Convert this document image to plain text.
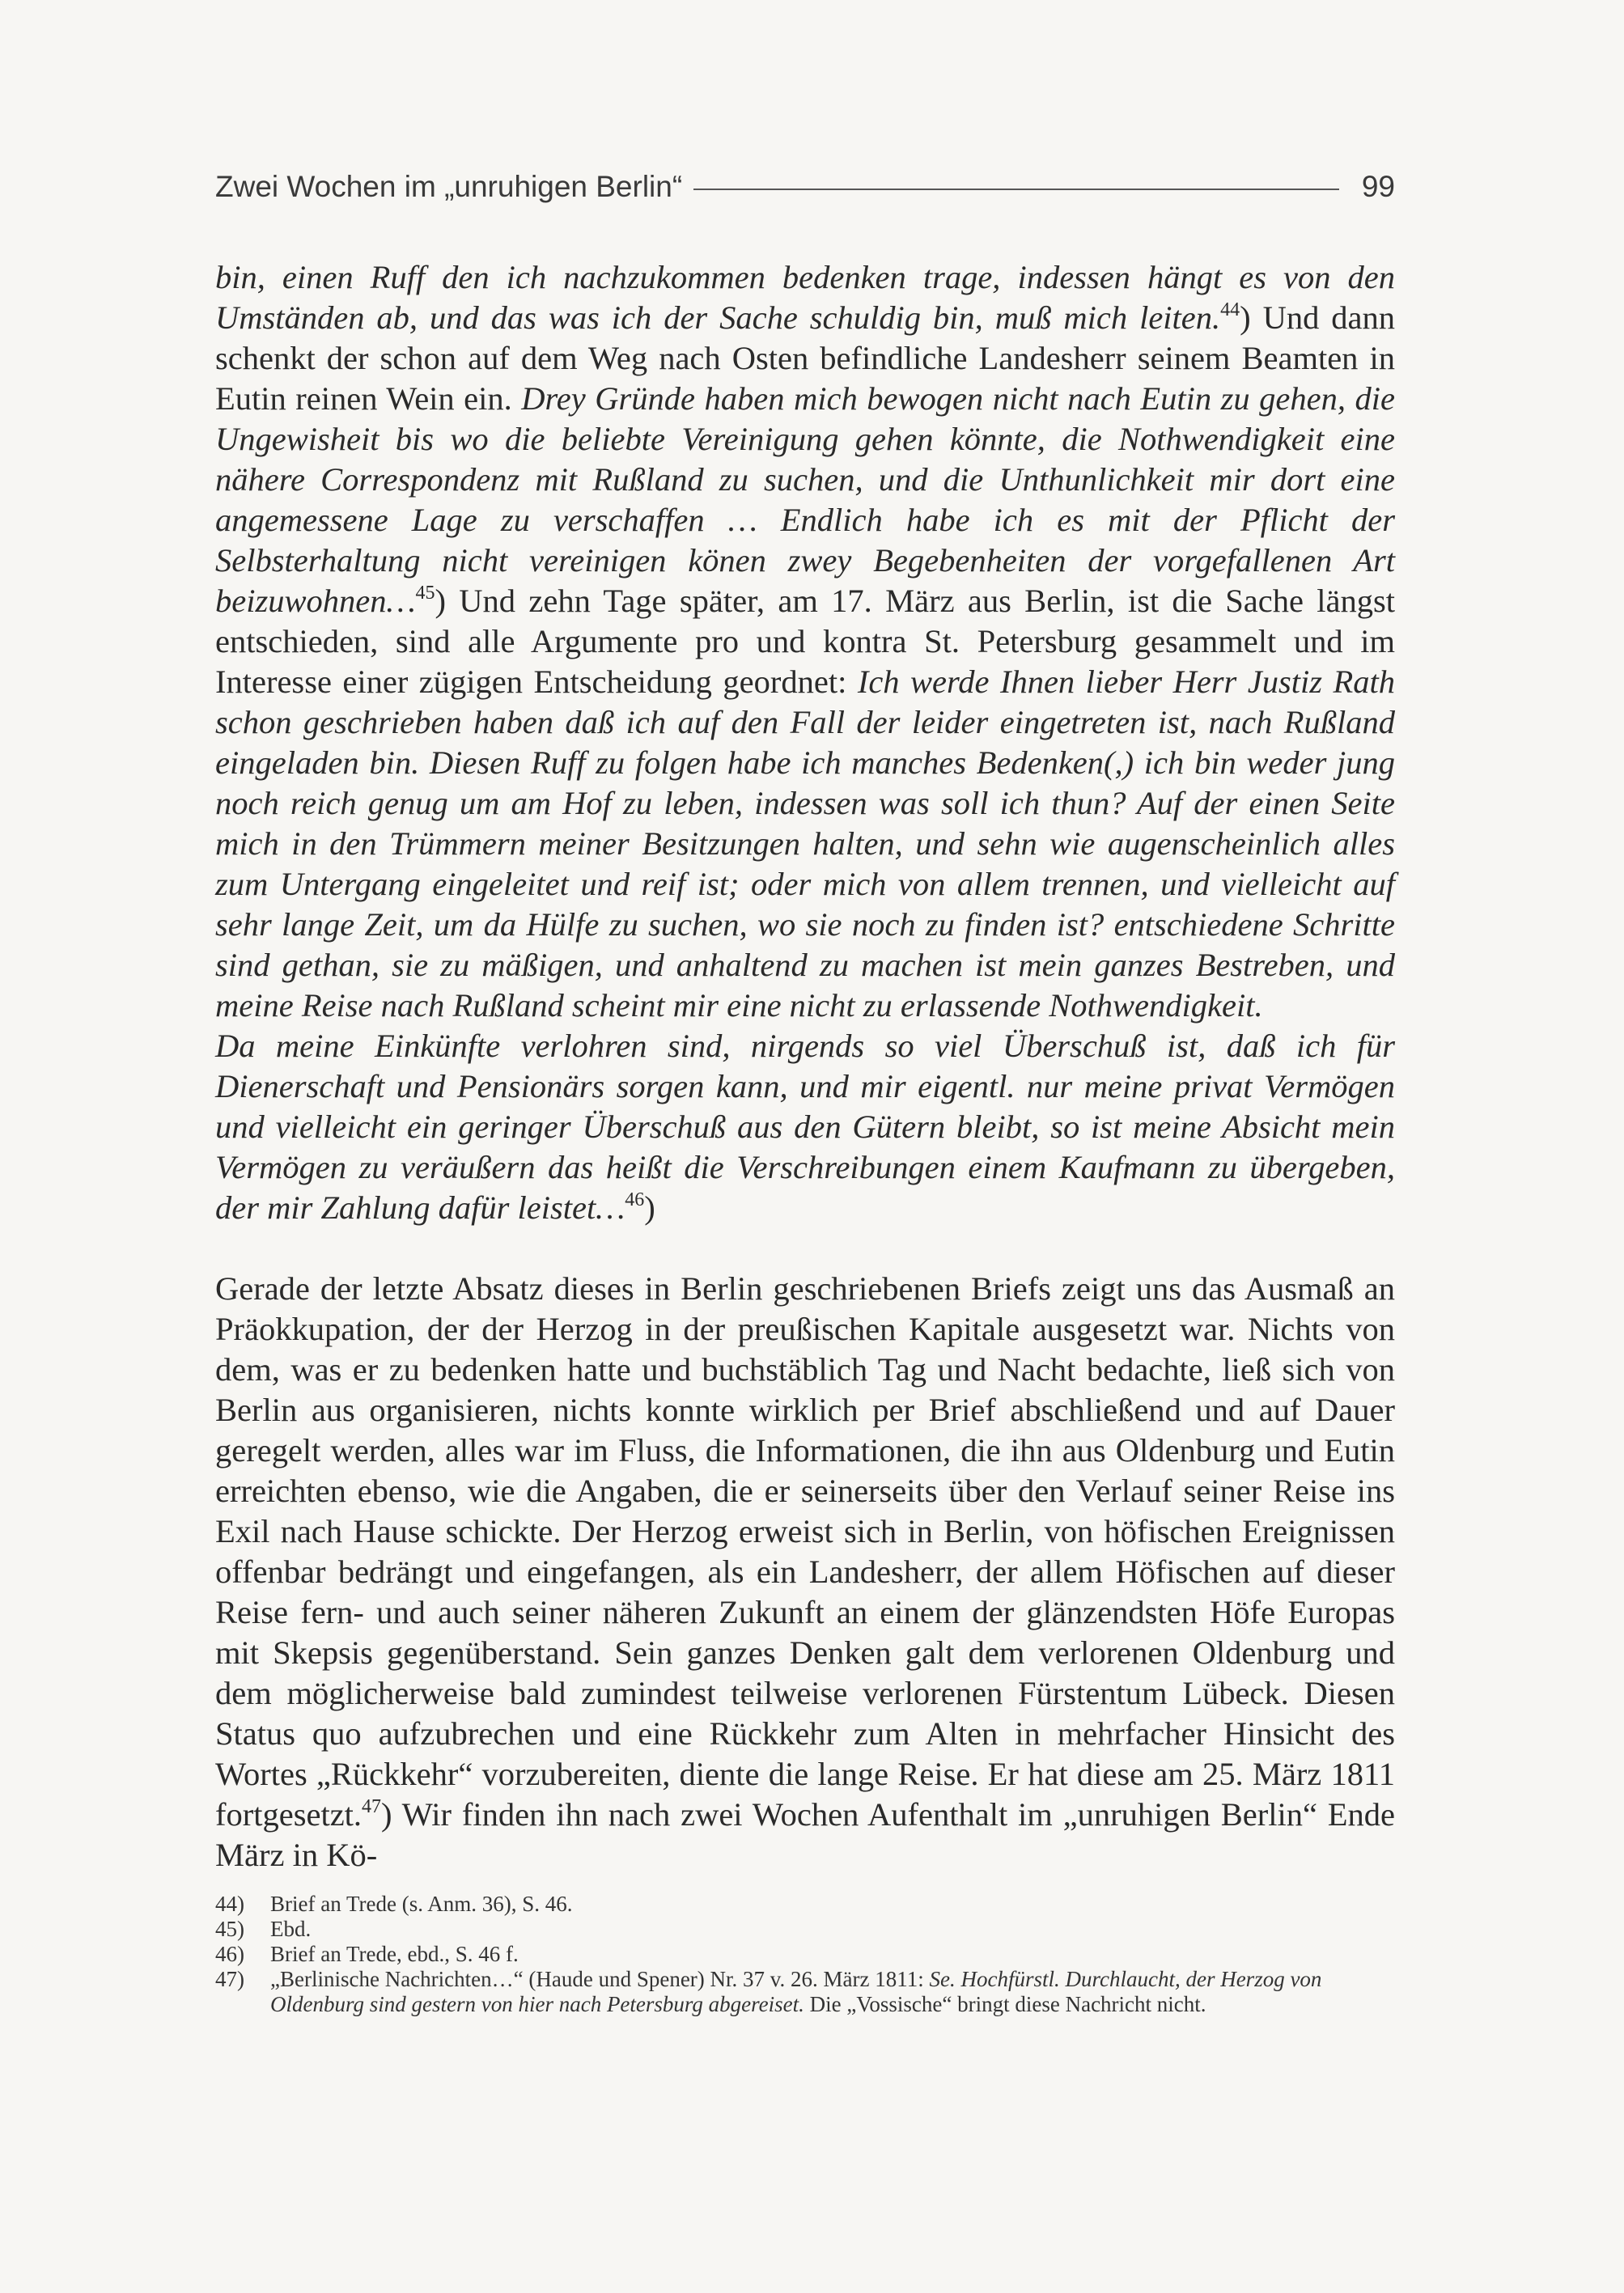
Zwei Wochen im „unruhigen Berlin“	99

bin, einen Ruff den ich nachzukommen bedenken trage, indessen hängt es von den Umständen ab, und das was ich der Sache schuldig bin, muß mich leiten.$^{44}$) Und dann schenkt der schon auf dem Weg nach Osten befindliche Landesherr seinem Beamten in Eutin reinen Wein ein. Drey Gründe haben mich bewogen nicht nach Eutin zu gehen, die Ungewisheit bis wo die beliebte Vereinigung gehen könnte, die Nothwendigkeit eine nähere Correspondenz mit Rußland zu suchen, und die Unthunlichkeit mir dort eine angemessene Lage zu verschaffen … Endlich habe ich es mit der Pflicht der Selbsterhaltung nicht vereinigen kӧnen zwey Begebenheiten der vorgefallenen Art beizuwohnen…$^{45}$) Und zehn Tage später, am 17. März aus Berlin, ist die Sache längst entschieden, sind alle Argumente pro und kontra St. Petersburg gesammelt und im Interesse einer zügigen Entscheidung geordnet: Ich werde Ihnen lieber Herr Justiz Rath schon geschrieben haben daß ich auf den Fall der leider eingetreten ist, nach Rußland eingeladen bin. Diesen Ruff zu folgen habe ich manches Bedenken(,) ich bin weder jung noch reich genug um am Hof zu leben, indessen was soll ich thun? Auf der einen Seite mich in den Trümmern meiner Besitzungen halten, und sehn wie augenscheinlich alles zum Untergang eingeleitet und reif ist; oder mich von allem trennen, und vielleicht auf sehr lange Zeit, um da Hülfe zu suchen, wo sie noch zu finden ist? entschiedene Schritte sind gethan, sie zu mäßigen, und anhaltend zu machen ist mein ganzes Bestreben, und meine Reise nach Rußland scheint mir eine nicht zu erlassende Nothwendigkeit.

Da meine Einkünfte verlohren sind, nirgends so viel Überschuß ist, daß ich für Dienerschaft und Pensionärs sorgen kann, und mir eigentl. nur meine privat Vermögen und vielleicht ein geringer Überschuß aus den Gütern bleibt, so ist meine Absicht mein Vermögen zu veräußern das heißt die Verschreibungen einem Kaufmann zu übergeben, der mir Zahlung dafür leistet…$^{46}$)

Gerade der letzte Absatz dieses in Berlin geschriebenen Briefs zeigt uns das Ausmaß an Präokkupation, der der Herzog in der preußischen Kapitale ausgesetzt war. Nichts von dem, was er zu bedenken hatte und buchstäblich Tag und Nacht bedachte, ließ sich von Berlin aus organisieren, nichts konnte wirklich per Brief abschließend und auf Dauer geregelt werden, alles war im Fluss, die Informationen, die ihn aus Oldenburg und Eutin erreichten ebenso, wie die Angaben, die er seinerseits über den Verlauf seiner Reise ins Exil nach Hause schickte. Der Herzog erweist sich in Berlin, von höfischen Ereignissen offenbar bedrängt und eingefangen, als ein Landesherr, der allem Höfischen auf dieser Reise fern- und auch seiner näheren Zukunft an einem der glänzendsten Höfe Europas mit Skepsis gegenüberstand. Sein ganzes Denken galt dem verlorenen Oldenburg und dem möglicherweise bald zumindest teilweise verlorenen Fürstentum Lübeck. Diesen Status quo aufzubrechen und eine Rückkehr zum Alten in mehrfacher Hinsicht des Wortes „Rückkehr“ vorzubereiten, diente die lange Reise. Er hat diese am 25. März 1811 fortgesetzt.$^{47}$) Wir finden ihn nach zwei Wochen Aufenthalt im „unruhigen Berlin“ Ende März in Kö-

44)	Brief an Trede (s. Anm. 36), S. 46.
45)	Ebd.
46)	Brief an Trede, ebd., S. 46 f.
47)	„Berlinische Nachrichten…“ (Haude und Spener) Nr. 37 v. 26. März 1811: Se. Hochfürstl. Durchlaucht, der Herzog von Oldenburg sind gestern von hier nach Petersburg abgereiset. Die „Vossische“ bringt diese Nachricht nicht.
